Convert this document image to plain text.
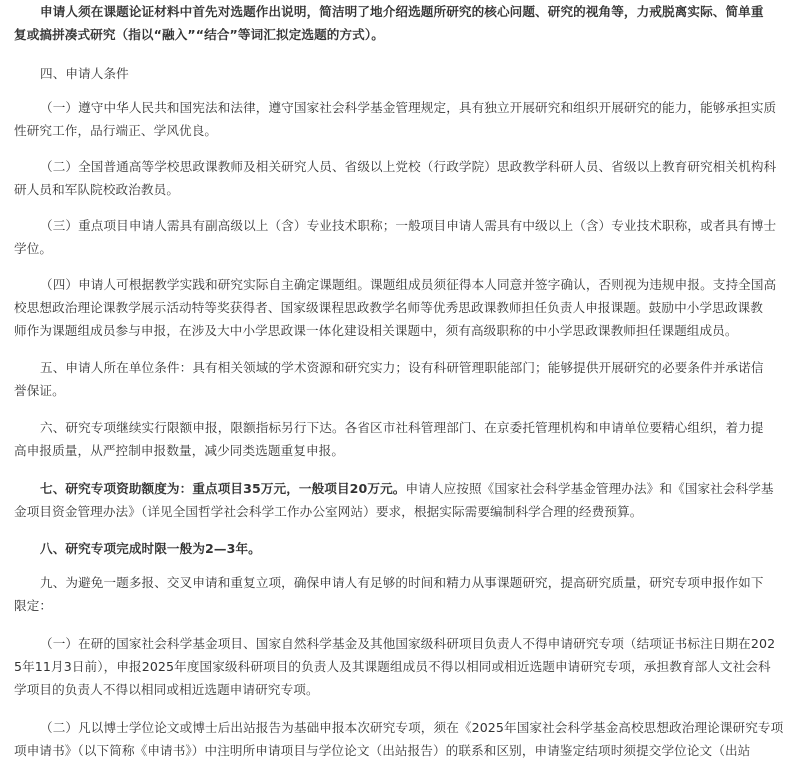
申请人须在课题论证材料中首先对选题作出说明，简洁明了地介绍选题所研究的核心问题、研究的视角等，力戒脱离实际、简单重
复或搞拼凑式研究（指以“融入”“结合”等词汇拟定选题的方式）。
四、申请人条件
（一）遵守中华人民共和国宪法和法律，遵守国家社会科学基金管理规定，具有独立开展研究和组织开展研究的能力，能够承担实质
性研究工作，品行端正、学风优良。
（二）全国普通高等学校思政课教师及相关研究人员、省级以上党校（行政学院）思政教学科研人员、省级以上教育研究相关机构科
研人员和军队院校政治教员。
（三）重点项目申请人需具有副高级以上（含）专业技术职称；一般项目申请人需具有中级以上（含）专业技术职称，或者具有博士
学位。
（四）申请人可根据教学实践和研究实际自主确定课题组。课题组成员须征得本人同意并签字确认，否则视为违规申报。支持全国高
校思想政治理论课教学展示活动特等奖获得者、国家级课程思政教学名师等优秀思政课教师担任负责人申报课题。鼓励中小学思政课教
师作为课题组成员参与申报，在涉及大中小学思政课一体化建设相关课题中，须有高级职称的中小学思政课教师担任课题组成员。
五、申请人所在单位条件：具有相关领域的学术资源和研究实力；设有科研管理职能部门；能够提供开展研究的必要条件并承诺信
誉保证。
六、研究专项继续实行限额申报，限额指标另行下达。各省区市社科管理部门、在京委托管理机构和申请单位要精心组织，着力提
高申报质量，从严控制申报数量，减少同类选题重复申报。
七、研究专项资助额度为：重点项目35万元，一般项目20万元。申请人应按照《国家社会科学基金管理办法》和《国家社会科学基
金项目资金管理办法》（详见全国哲学社会科学工作办公室网站）要求，根据实际需要编制科学合理的经费预算。
八、研究专项完成时限一般为2—3年。
九、为避免一题多报、交叉申请和重复立项，确保申请人有足够的时间和精力从事课题研究，提高研究质量，研究专项申报作如下
限定：
（一）在研的国家社会科学基金项目、国家自然科学基金及其他国家级科研项目负责人不得申请研究专项（结项证书标注日期在202
5年11月3日前），申报2025年度国家级科研项目的负责人及其课题组成员不得以相同或相近选题申请研究专项，承担教育部人文社会科
学项目的负责人不得以相同或相近选题申请研究专项。
（二）凡以博士学位论文或博士后出站报告为基础申报本次研究专项，须在《2025年国家社会科学基金高校思想政治理论课研究专项
项申请书》（以下简称《申请书》）中注明所申请项目与学位论文（出站报告）的联系和区别，申请鉴定结项时须提交学位论文（出站
